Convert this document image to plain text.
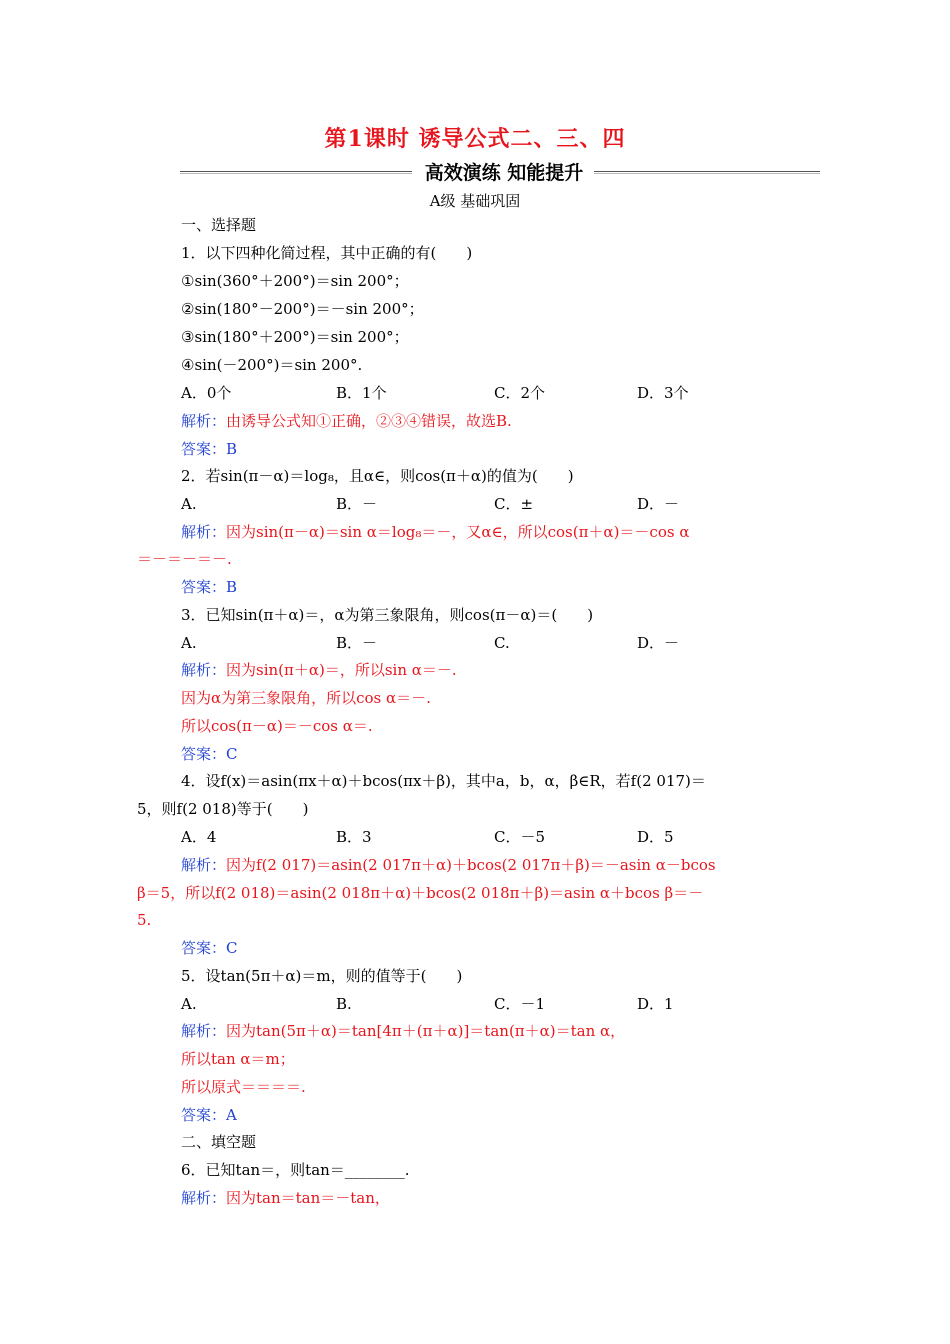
第1课时 诱导公式二、三、四
高效演练 知能提升
A级 基础巩固
一、选择题
1．以下四种化简过程，其中正确的有(　　)
①sin(360°＋200°)＝sin 200°；
②sin(180°－200°)＝－sin 200°；
③sin(180°＋200°)＝sin 200°；
④sin(－200°)＝sin 200°.
A．0个	B．1个	C．2个	D．3个
解析：由诱导公式知①正确，②③④错误，故选B.
答案：B
2．若sin(π－α)＝log₈，且α∈，则cos(π＋α)的值为(　　)
A.	B．－	C．±	D．－
解析：因为sin(π－α)＝sin α＝log₈＝－，又α∈，所以cos(π＋α)＝－cos α
＝－＝－＝－.
答案：B
3．已知sin(π＋α)＝，α为第三象限角，则cos(π－α)＝(　　)
A.	B．－	C.	D．－
解析：因为sin(π＋α)＝，所以sin α＝－.
因为α为第三象限角，所以cos α＝－.
所以cos(π－α)＝－cos α＝.
答案：C
4．设f(x)＝asin(πx＋α)＋bcos(πx＋β)，其中a，b，α，β∈R，若f(2 017)＝
5，则f(2 018)等于(　　)
A．4	B．3	C．－5	D．5
解析：因为f(2 017)＝asin(2 017π＋α)＋bcos(2 017π＋β)＝－asin α－bcos
β＝5，所以f(2 018)＝asin(2 018π＋α)＋bcos(2 018π＋β)＝asin α＋bcos β＝－
5.
答案：C
5．设tan(5π＋α)＝m，则的值等于(　　)
A.	B.	C．－1	D．1
解析：因为tan(5π＋α)＝tan[4π＋(π＋α)]＝tan(π＋α)＝tan α，
所以tan α＝m；
所以原式＝＝＝＝.
答案：A
二、填空题
6．已知tan＝，则tan＝________.
解析：因为tan＝tan＝－tan，
